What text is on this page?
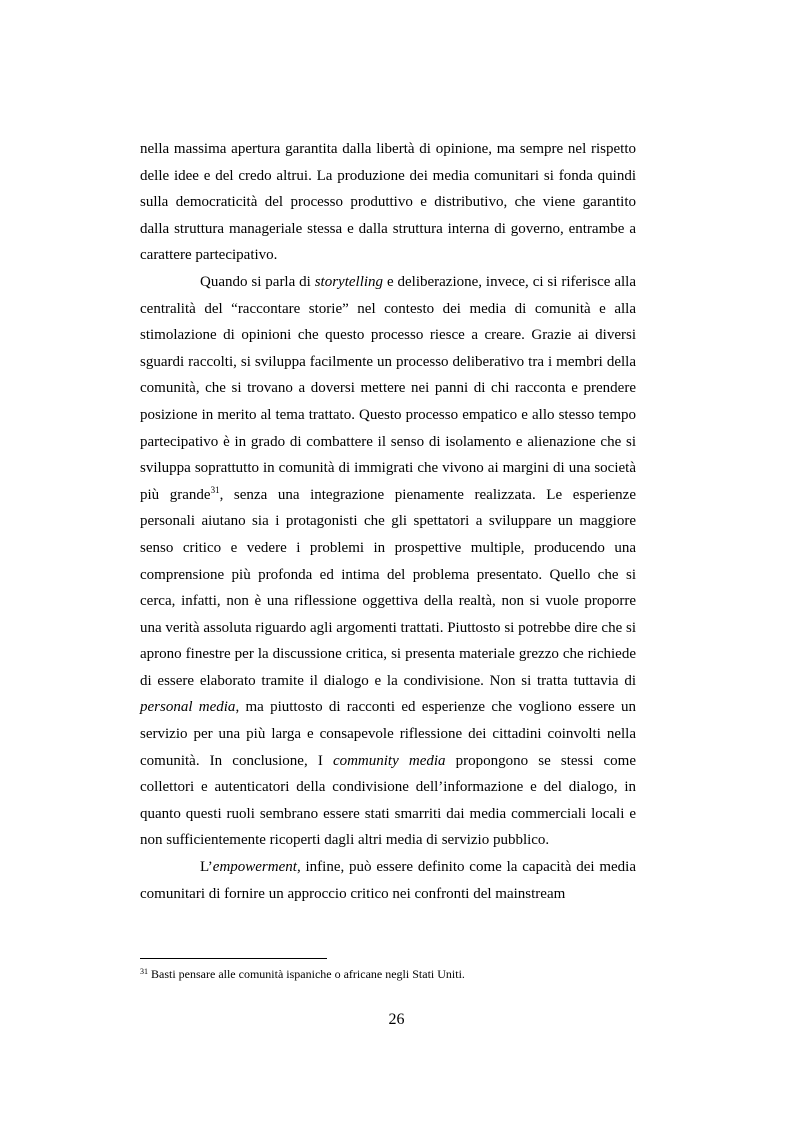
nella massima apertura garantita dalla libertà di opinione, ma sempre nel rispetto delle idee e del credo altrui. La produzione dei media comunitari si fonda quindi sulla democraticità del processo produttivo e distributivo, che viene garantito dalla struttura manageriale stessa e dalla struttura interna di governo, entrambe a carattere partecipativo.

Quando si parla di storytelling e deliberazione, invece, ci si riferisce alla centralità del “raccontare storie” nel contesto dei media di comunità e alla stimolazione di opinioni che questo processo riesce a creare. Grazie ai diversi sguardi raccolti, si sviluppa facilmente un processo deliberativo tra i membri della comunità, che si trovano a doversi mettere nei panni di chi racconta e prendere posizione in merito al tema trattato. Questo processo empatico e allo stesso tempo partecipativo è in grado di combattere il senso di isolamento e alienazione che si sviluppa soprattutto in comunità di immigrati che vivono ai margini di una società più grande$^{31}$, senza una integrazione pienamente realizzata. Le esperienze personali aiutano sia i protagonisti che gli spettatori a sviluppare un maggiore senso critico e vedere i problemi in prospettive multiple, producendo una comprensione più profonda ed intima del problema presentato. Quello che si cerca, infatti, non è una riflessione oggettiva della realtà, non si vuole proporre una verità assoluta riguardo agli argomenti trattati. Piuttosto si potrebbe dire che si aprono finestre per la discussione critica, si presenta materiale grezzo che richiede di essere elaborato tramite il dialogo e la condivisione. Non si tratta tuttavia di personal media, ma piuttosto di racconti ed esperienze che vogliono essere un servizio per una più larga e consapevole riflessione dei cittadini coinvolti nella comunità. In conclusione, I community media propongono se stessi come collettori e autenticatori della condivisione dell’informazione e del dialogo, in quanto questi ruoli sembrano essere stati smarriti dai media commerciali locali e non sufficientemente ricoperti dagli altri media di servizio pubblico.

L’empowerment, infine, può essere definito come la capacità dei media comunitari di fornire un approccio critico nei confronti del mainstream

$^{31}$ Basti pensare alle comunità ispaniche o africane negli Stati Uniti.
26
